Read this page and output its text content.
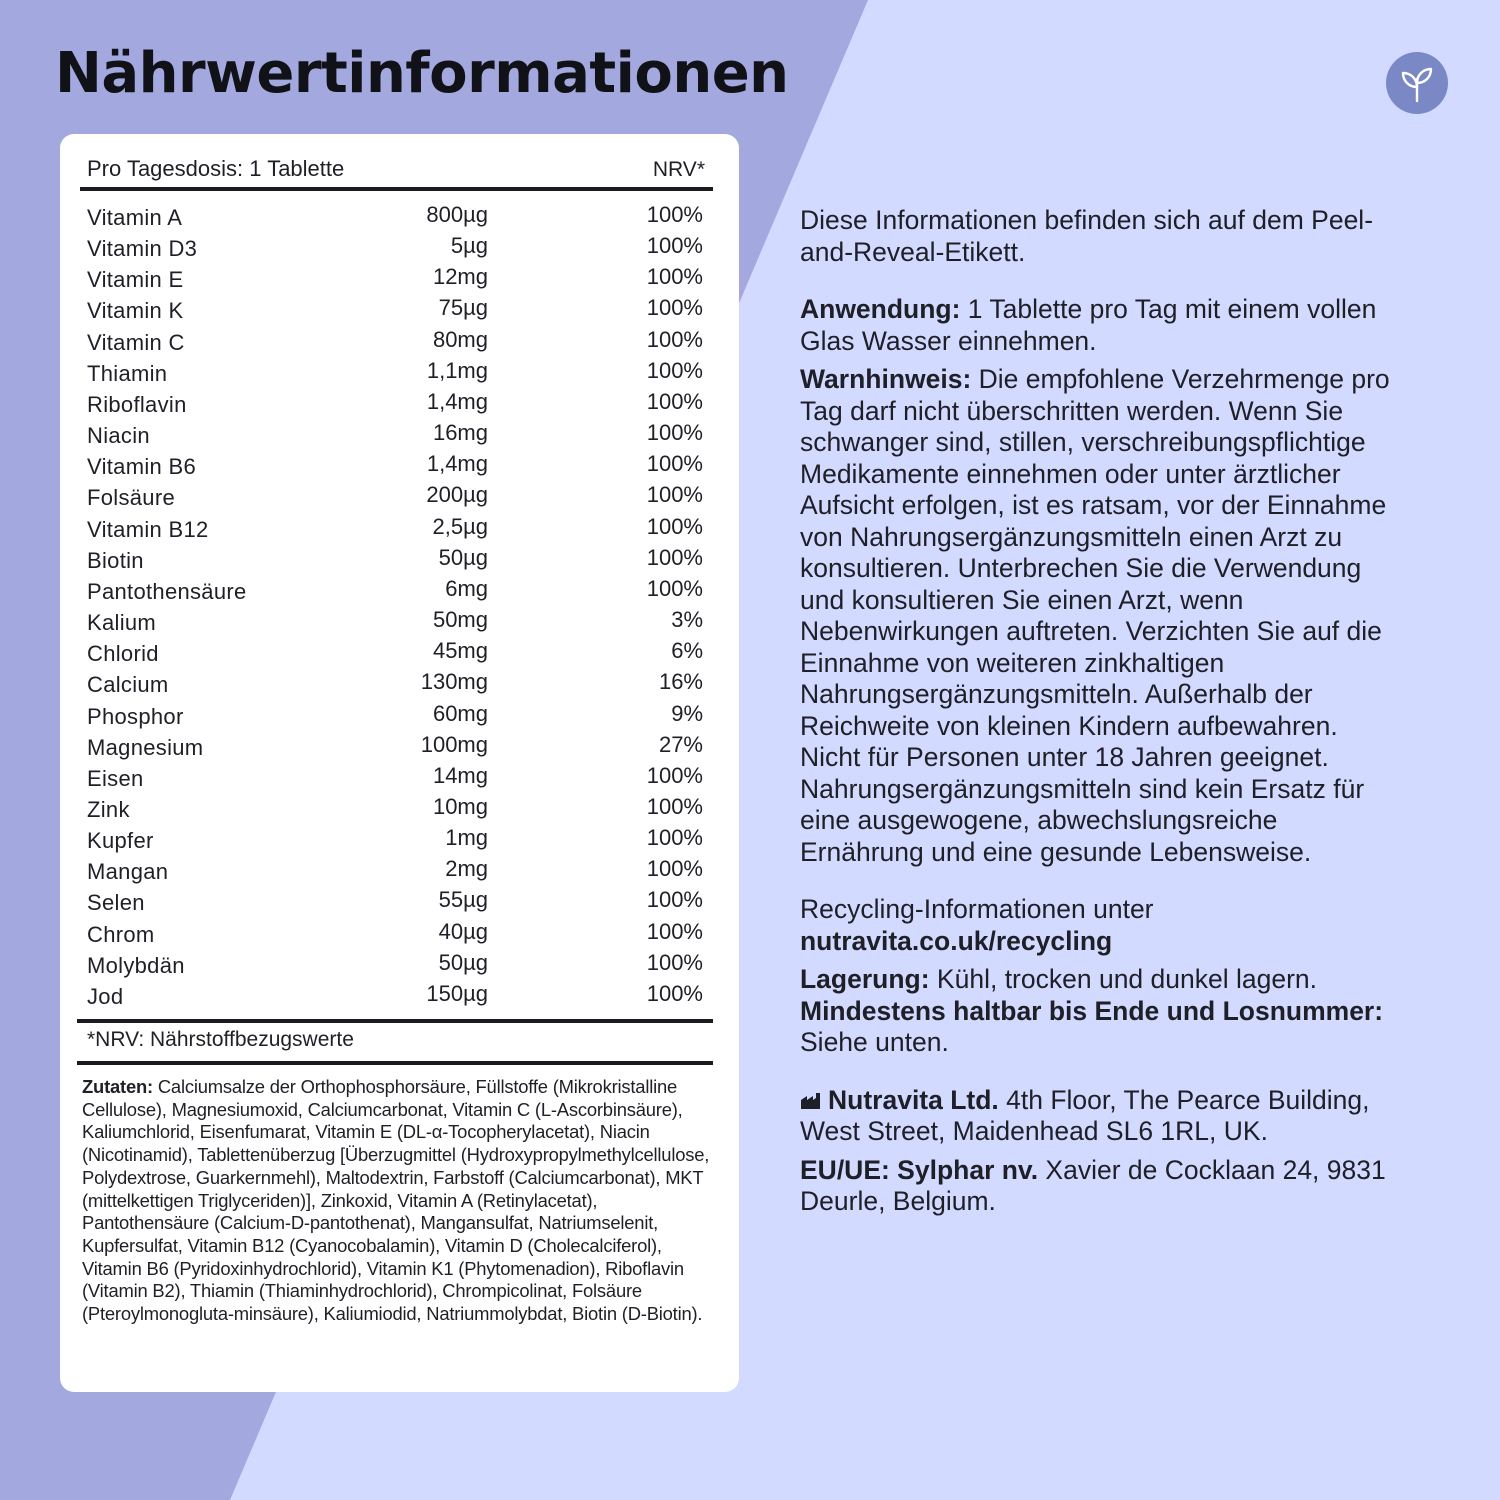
Nährwertinformationen
Pro Tagesdosis: 1 Tablette	NRV*
Vitamin A	800µg	100%
Vitamin D3	5µg	100%
Vitamin E	12mg	100%
Vitamin K	75µg	100%
Vitamin C	80mg	100%
Thiamin	1,1mg	100%
Riboflavin	1,4mg	100%
Niacin	16mg	100%
Vitamin B6	1,4mg	100%
Folsäure	200µg	100%
Vitamin B12	2,5µg	100%
Biotin	50µg	100%
Pantothensäure	6mg	100%
Kalium	50mg	3%
Chlorid	45mg	6%
Calcium	130mg	16%
Phosphor	60mg	9%
Magnesium	100mg	27%
Eisen	14mg	100%
Zink	10mg	100%
Kupfer	1mg	100%
Mangan	2mg	100%
Selen	55µg	100%
Chrom	40µg	100%
Molybdän	50µg	100%
Jod	150µg	100%
*NRV: Nährstoffbezugswerte
Zutaten: Calciumsalze der Orthophosphorsäure, Füllstoffe (Mikrokristalline Cellulose), Magnesiumoxid, Calciumcarbonat, Vitamin C (L-Ascorbinsäure), Kaliumchlorid, Eisenfumarat, Vitamin E (DL-α-Tocopherylacetat), Niacin (Nicotinamid), Tablettenüberzug [Überzugmittel (Hydroxypropylmethylcellulose, Polydextrose, Guarkernmehl), Maltodextrin, Farbstoff (Calciumcarbonat), MKT (mittelkettigen Triglyceriden)], Zinkoxid, Vitamin A (Retinylacetat), Pantothensäure (Calcium-D-pantothenat), Mangansulfat, Natriumselenit, Kupfersulfat, Vitamin B12 (Cyanocobalamin), Vitamin D (Cholecalciferol), Vitamin B6 (Pyridoxinhydrochlorid), Vitamin K1 (Phytomenadion), Riboflavin (Vitamin B2), Thiamin (Thiaminhydrochlorid), Chrompicolinat, Folsäure (Pteroylmonogluta-minsäure), Kaliumiodid, Natriummolybdat, Biotin (D-Biotin).

Diese Informationen befinden sich auf dem Peel-and-Reveal-Etikett.

Anwendung: 1 Tablette pro Tag mit einem vollen Glas Wasser einnehmen.

Warnhinweis: Die empfohlene Verzehrmenge pro Tag darf nicht überschritten werden. Wenn Sie schwanger sind, stillen, verschreibungspflichtige Medikamente einnehmen oder unter ärztlicher Aufsicht erfolgen, ist es ratsam, vor der Einnahme von Nahrungsergänzungsmitteln einen Arzt zu konsultieren. Unterbrechen Sie die Verwendung und konsultieren Sie einen Arzt, wenn Nebenwirkungen auftreten. Verzichten Sie auf die Einnahme von weiteren zinkhaltigen Nahrungsergänzungsmitteln. Außerhalb der Reichweite von kleinen Kindern aufbewahren. Nicht für Personen unter 18 Jahren geeignet. Nahrungsergänzungsmitteln sind kein Ersatz für eine ausgewogene, abwechslungsreiche Ernährung und eine gesunde Lebensweise.

Recycling-Informationen unter
nutravita.co.uk/recycling

Lagerung: Kühl, trocken und dunkel lagern.
Mindestens haltbar bis Ende und Losnummer: Siehe unten.

Nutravita Ltd. 4th Floor, The Pearce Building, West Street, Maidenhead SL6 1RL, UK.

EU/UE: Sylphar nv. Xavier de Cocklaan 24, 9831 Deurle, Belgium.
